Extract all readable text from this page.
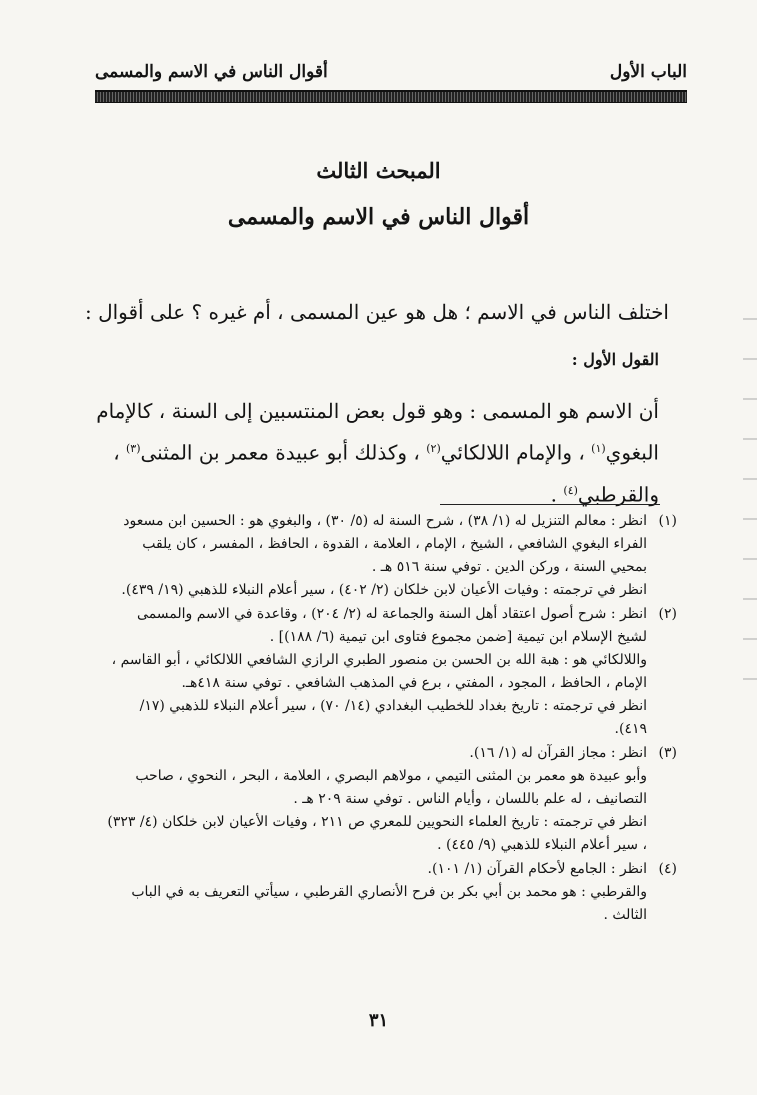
الباب الأول
أقوال الناس في الاسم والمسمى
المبحث الثالث
أقوال الناس في الاسم والمسمى
اختلف الناس في الاسم ؛ هل هو عين المسمى ، أم غيره ؟ على أقوال :
القول الأول :
أن الاسم هو المسمى : وهو قول بعض المنتسبين إلى السنة ، كالإمام
البغوي$^{(١)}$ ، والإمام اللالكائي$^{(٢)}$ ، وكذلك أبو عبيدة معمر بن المثنى$^{(٣)}$ ،
والقرطبي$^{(٤)}$ .
(١)

انظر : معالم التنزيل له (١/ ٣٨) ، شرح السنة له (٥/ ٣٠) ، والبغوي هو : الحسين ابن مسعود الفراء البغوي الشافعي ، الشيخ ، الإمام ، العلامة ، القدوة ، الحافظ ، المفسر ، كان يلقب بمحيي السنة ، وركن الدين . توفي سنة ٥١٦ هـ .

انظر في ترجمته : وفيات الأعيان لابن خلكان (٢/ ٤٠٢) ، سير أعلام النبلاء للذهبي (١٩/ ٤٣٩).

(٢)

انظر : شرح أصول اعتقاد أهل السنة والجماعة له (٢/ ٢٠٤) ، وقاعدة في الاسم والمسمى لشيخ الإسلام ابن تيمية [ضمن مجموع فتاوى ابن تيمية (٦/ ١٨٨)] .

واللالكائي هو : هبة الله بن الحسن بن منصور الطبري الرازي الشافعي اللالكائي ، أبو القاسم ، الإمام ، الحافظ ، المجود ، المفتي ، برع في المذهب الشافعي . توفي سنة ٤١٨هـ.

انظر في ترجمته : تاريخ بغداد للخطيب البغدادي (١٤/ ٧٠) ، سير أعلام النبلاء للذهبي (١٧/ ٤١٩).

(٣)

انظر : مجاز القرآن له (١/ ١٦).

وأبو عبيدة هو معمر بن المثنى التيمي ، مولاهم البصري ، العلامة ، البحر ، النحوي ، صاحب التصانيف ، له علم باللسان ، وأيام الناس . توفي سنة ٢٠٩ هـ .

انظر في ترجمته : تاريخ العلماء النحويين للمعري ص ٢١١ ، وفيات الأعيان لابن خلكان (٤/ ٣٢٣) ، سير أعلام النبلاء للذهبي (٩/ ٤٤٥) .

(٤)

انظر : الجامع لأحكام القرآن (١/ ١٠١).

والقرطبي : هو محمد بن أبي بكر بن فرح الأنصاري القرطبي ، سيأتي التعريف به في الباب الثالث .

٣١
